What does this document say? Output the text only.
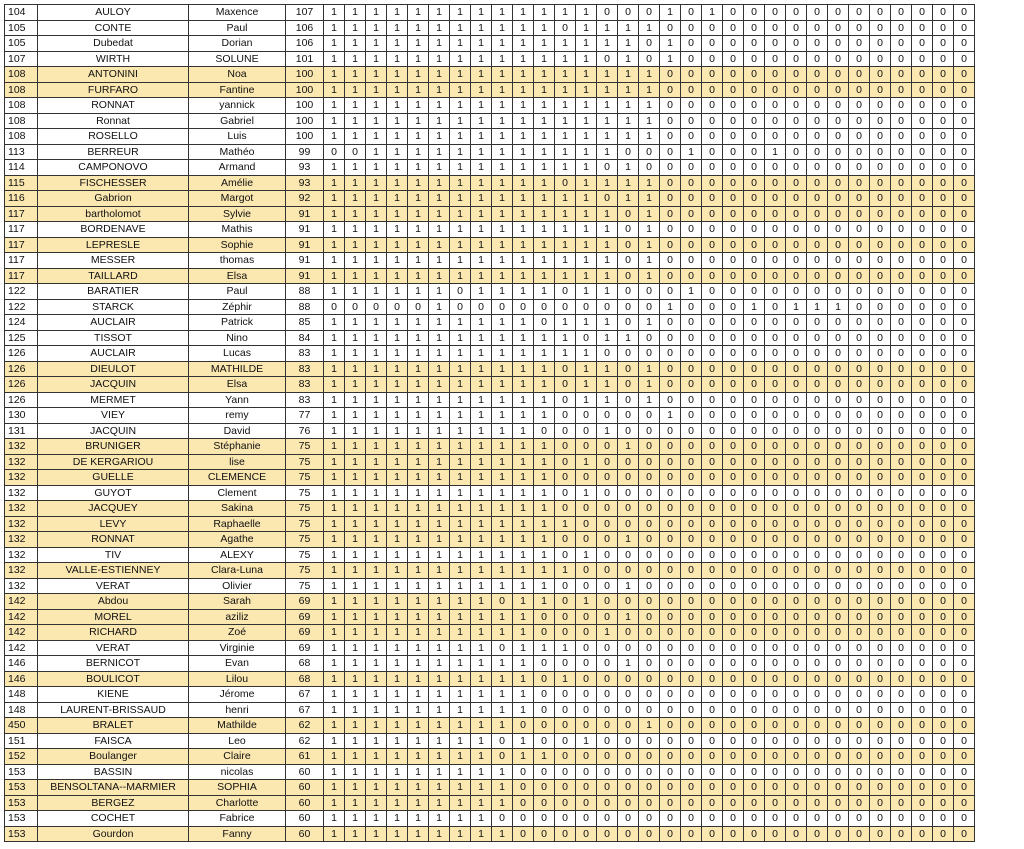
104	AULOY	Maxence	107	1	1	1	1	1	1	1	1	1	1	1	1	1	0	0	0	1	0	1	0	0	0	0	0	0	0	0	0	0	0	0
105	CONTE	Paul	106	1	1	1	1	1	1	1	1	1	1	1	0	1	1	1	1	0	0	0	0	0	0	0	0	0	0	0	0	0	0	0
105	Dubedat	Dorian	106	1	1	1	1	1	1	1	1	1	1	1	1	1	1	1	0	1	0	0	0	0	0	0	0	0	0	0	0	0	0	0
107	WIRTH	SOLUNE	101	1	1	1	1	1	1	1	1	1	1	1	1	1	0	1	0	1	0	0	0	0	0	0	0	0	0	0	0	0	0	0
108	ANTONINI	Noa	100	1	1	1	1	1	1	1	1	1	1	1	1	1	1	1	1	0	0	0	0	0	0	0	0	0	0	0	0	0	0	0
108	FURFARO	Fantine	100	1	1	1	1	1	1	1	1	1	1	1	1	1	1	1	1	0	0	0	0	0	0	0	0	0	0	0	0	0	0	0
108	RONNAT	yannick	100	1	1	1	1	1	1	1	1	1	1	1	1	1	1	1	1	0	0	0	0	0	0	0	0	0	0	0	0	0	0	0
108	Ronnat	Gabriel	100	1	1	1	1	1	1	1	1	1	1	1	1	1	1	1	1	0	0	0	0	0	0	0	0	0	0	0	0	0	0	0
108	ROSELLO	Luis	100	1	1	1	1	1	1	1	1	1	1	1	1	1	1	1	1	0	0	0	0	0	0	0	0	0	0	0	0	0	0	0
113	BERREUR	Mathéo	99	0	0	1	1	1	1	1	1	1	1	1	1	1	1	0	0	0	1	0	0	0	1	0	0	0	0	0	0	0	0	0
114	CAMPONOVO	Armand	93	1	1	1	1	1	1	1	1	1	1	1	1	1	0	1	0	0	0	0	0	0	0	0	0	0	0	0	0	0	0	0
115	FISCHESSER	Amélie	93	1	1	1	1	1	1	1	1	1	1	1	0	1	1	1	1	0	0	0	0	0	0	0	0	0	0	0	0	0	0	0
116	Gabrion	Margot	92	1	1	1	1	1	1	1	1	1	1	1	1	1	0	1	1	0	0	0	0	0	0	0	0	0	0	0	0	0	0	0
117	bartholomot	Sylvie	91	1	1	1	1	1	1	1	1	1	1	1	1	1	1	0	1	0	0	0	0	0	0	0	0	0	0	0	0	0	0	0
117	BORDENAVE	Mathis	91	1	1	1	1	1	1	1	1	1	1	1	1	1	1	0	1	0	0	0	0	0	0	0	0	0	0	0	0	0	0	0
117	LEPRESLE	Sophie	91	1	1	1	1	1	1	1	1	1	1	1	1	1	1	0	1	0	0	0	0	0	0	0	0	0	0	0	0	0	0	0
117	MESSER	thomas	91	1	1	1	1	1	1	1	1	1	1	1	1	1	1	0	1	0	0	0	0	0	0	0	0	0	0	0	0	0	0	0
117	TAILLARD	Elsa	91	1	1	1	1	1	1	1	1	1	1	1	1	1	1	0	1	0	0	0	0	0	0	0	0	0	0	0	0	0	0	0
122	BARATIER	Paul	88	1	1	1	1	1	1	0	1	1	1	1	0	1	1	0	0	0	1	0	0	0	0	0	0	0	0	0	0	0	0	0
122	STARCK	Zéphir	88	0	0	0	0	0	1	0	0	0	0	0	0	0	0	0	0	1	0	0	0	1	0	1	1	1	0	0	0	0	0	0
124	AUCLAIR	Patrick	85	1	1	1	1	1	1	1	1	1	1	0	1	1	1	0	1	0	0	0	0	0	0	0	0	0	0	0	0	0	0	0
125	TISSOT	Nino	84	1	1	1	1	1	1	1	1	1	1	1	1	0	1	1	0	0	0	0	0	0	0	0	0	0	0	0	0	0	0	0
126	AUCLAIR	Lucas	83	1	1	1	1	1	1	1	1	1	1	1	1	1	0	0	0	0	0	0	0	0	0	0	0	0	0	0	0	0	0	0
126	DIEULOT	MATHILDE	83	1	1	1	1	1	1	1	1	1	1	1	0	1	1	0	1	0	0	0	0	0	0	0	0	0	0	0	0	0	0	0
126	JACQUIN	Elsa	83	1	1	1	1	1	1	1	1	1	1	1	0	1	1	0	1	0	0	0	0	0	0	0	0	0	0	0	0	0	0	0
126	MERMET	Yann	83	1	1	1	1	1	1	1	1	1	1	1	0	1	1	0	1	0	0	0	0	0	0	0	0	0	0	0	0	0	0	0
130	VIEY	remy	77	1	1	1	1	1	1	1	1	1	1	1	0	0	0	0	0	1	0	0	0	0	0	0	0	0	0	0	0	0	0	0
131	JACQUIN	David	76	1	1	1	1	1	1	1	1	1	1	0	0	0	1	0	0	0	0	0	0	0	0	0	0	0	0	0	0	0	0	0
132	BRUNIGER	Stéphanie	75	1	1	1	1	1	1	1	1	1	1	1	0	0	0	1	0	0	0	0	0	0	0	0	0	0	0	0	0	0	0	0
132	DE KERGARIOU	lise	75	1	1	1	1	1	1	1	1	1	1	1	0	1	0	0	0	0	0	0	0	0	0	0	0	0	0	0	0	0	0	0
132	GUELLE	CLEMENCE	75	1	1	1	1	1	1	1	1	1	1	1	0	0	0	0	0	0	0	0	0	0	0	0	0	0	0	0	0	0	0	0
132	GUYOT	Clement	75	1	1	1	1	1	1	1	1	1	1	1	0	1	0	0	0	0	0	0	0	0	0	0	0	0	0	0	0	0	0	0
132	JACQUEY	Sakina	75	1	1	1	1	1	1	1	1	1	1	1	0	0	0	0	0	0	0	0	0	0	0	0	0	0	0	0	0	0	0	0
132	LEVY	Raphaelle	75	1	1	1	1	1	1	1	1	1	1	1	1	0	0	0	0	0	0	0	0	0	0	0	0	0	0	0	0	0	0	0
132	RONNAT	Agathe	75	1	1	1	1	1	1	1	1	1	1	1	0	0	0	1	0	0	0	0	0	0	0	0	0	0	0	0	0	0	0	0
132	TIV	ALEXY	75	1	1	1	1	1	1	1	1	1	1	1	0	1	0	0	0	0	0	0	0	0	0	0	0	0	0	0	0	0	0	0
132	VALLE-ESTIENNEY	Clara-Luna	75	1	1	1	1	1	1	1	1	1	1	1	1	0	0	0	0	0	0	0	0	0	0	0	0	0	0	0	0	0	0	0
132	VERAT	Olivier	75	1	1	1	1	1	1	1	1	1	1	1	0	0	0	1	0	0	0	0	0	0	0	0	0	0	0	0	0	0	0	0
142	Abdou	Sarah	69	1	1	1	1	1	1	1	1	0	1	1	0	1	0	0	0	0	0	0	0	0	0	0	0	0	0	0	0	0	0	0
142	MOREL	aziliz	69	1	1	1	1	1	1	1	1	1	1	0	0	0	0	1	0	0	0	0	0	0	0	0	0	0	0	0	0	0	0	0
142	RICHARD	Zoé	69	1	1	1	1	1	1	1	1	1	1	0	0	0	1	0	0	0	0	0	0	0	0	0	0	0	0	0	0	0	0	0
142	VERAT	Virginie	69	1	1	1	1	1	1	1	1	0	1	1	1	0	0	0	0	0	0	0	0	0	0	0	0	0	0	0	0	0	0	0
146	BERNICOT	Evan	68	1	1	1	1	1	1	1	1	1	1	0	0	0	0	1	0	0	0	0	0	0	0	0	0	0	0	0	0	0	0	0
146	BOULICOT	Lilou	68	1	1	1	1	1	1	1	1	1	1	0	1	0	0	0	0	0	0	0	0	0	0	0	0	0	0	0	0	0	0	0
148	KIENE	Jérome	67	1	1	1	1	1	1	1	1	1	1	0	0	0	0	0	0	0	0	0	0	0	0	0	0	0	0	0	0	0	0	0
148	LAURENT-BRISSAUD	henri	67	1	1	1	1	1	1	1	1	1	1	0	0	0	0	0	0	0	0	0	0	0	0	0	0	0	0	0	0	0	0	0
450	BRALET	Mathilde	62	1	1	1	1	1	1	1	1	1	0	0	0	0	0	0	1	0	0	0	0	0	0	0	0	0	0	0	0	0	0	0
151	FAISCA	Leo	62	1	1	1	1	1	1	1	1	0	1	0	0	1	0	0	0	0	0	0	0	0	0	0	0	0	0	0	0	0	0	0
152	Boulanger	Claire	61	1	1	1	1	1	1	1	1	0	1	1	0	0	0	0	0	0	0	0	0	0	0	0	0	0	0	0	0	0	0	0
153	BASSIN	nicolas	60	1	1	1	1	1	1	1	1	1	0	0	0	0	0	0	0	0	0	0	0	0	0	0	0	0	0	0	0	0	0	0
153	BENSOLTANA--MARMIER	SOPHIA	60	1	1	1	1	1	1	1	1	1	0	0	0	0	0	0	0	0	0	0	0	0	0	0	0	0	0	0	0	0	0	0
153	BERGEZ	Charlotte	60	1	1	1	1	1	1	1	1	1	0	0	0	0	0	0	0	0	0	0	0	0	0	0	0	0	0	0	0	0	0	0
153	COCHET	Fabrice	60	1	1	1	1	1	1	1	1	0	0	0	0	0	0	0	0	0	0	0	0	0	0	0	0	0	0	0	0	0	0	0
153	Gourdon	Fanny	60	1	1	1	1	1	1	1	1	1	0	0	0	0	0	0	0	0	0	0	0	0	0	0	0	0	0	0	0	0	0	0
